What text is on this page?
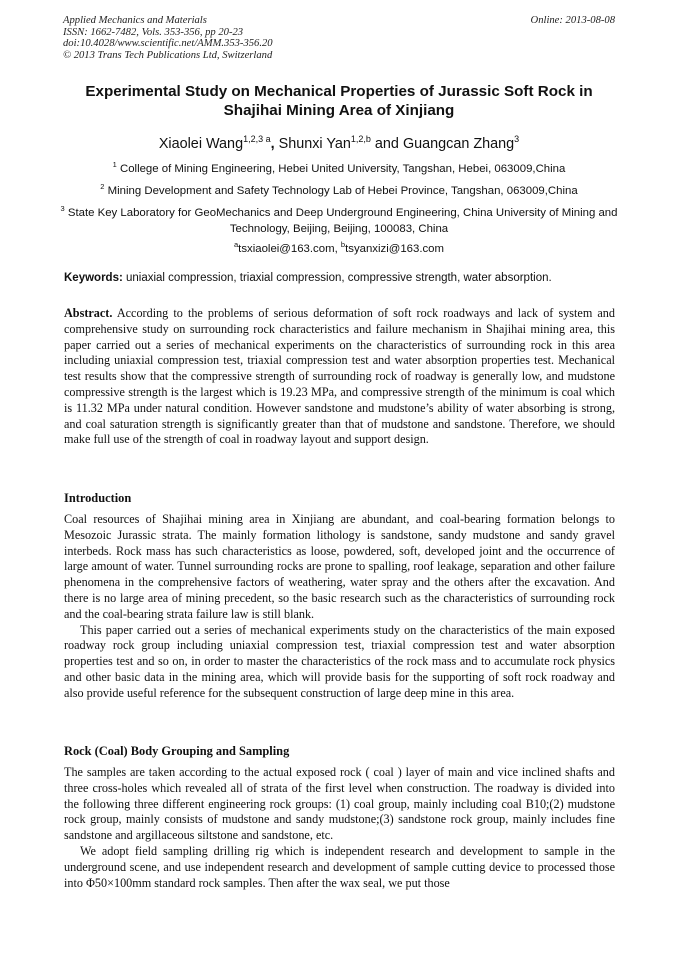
Applied Mechanics and Materials
ISSN: 1662-7482, Vols. 353-356, pp 20-23
doi:10.4028/www.scientific.net/AMM.353-356.20
© 2013 Trans Tech Publications Ltd, Switzerland
Online: 2013-08-08
Experimental Study on Mechanical Properties of Jurassic Soft Rock in
Shajihai Mining Area of Xinjiang
Xiaolei Wang$^{1,2,3 a}$, Shunxi Yan$^{1,2,b}$ and Guangcan Zhang$^3$
$^1$ College of Mining Engineering, Hebei United University, Tangshan, Hebei, 063009,China
$^2$ Mining Development and Safety Technology Lab of Hebei Province, Tangshan, 063009,China
$^3$ State Key Laboratory for GeoMechanics and Deep Underground Engineering, China University of Mining and Technology, Beijing, Beijing, 100083, China
$^a$tsxiaolei@163.com, $^b$tsyanxizi@163.com
Keywords: uniaxial compression, triaxial compression, compressive strength, water absorption.
Abstract. According to the problems of serious deformation of soft rock roadways and lack of system and comprehensive study on surrounding rock characteristics and failure mechanism in Shajihai mining area, this paper carried out a series of mechanical experiments on the characteristics of surrounding rock in this area including uniaxial compression test, triaxial compression test and water absorption properties test. Mechanical test results show that the compressive strength of surrounding rock of roadway is generally low, and mudstone compressive strength is the largest which is 19.23 MPa, and compressive strength of the minimum is coal which is 11.32 MPa under natural condition. However sandstone and mudstone’s ability of water absorbing is strong, and coal saturation strength is significantly greater than that of mudstone and sandstone. Therefore, we should make full use of the strength of coal in roadway layout and support design.
Introduction

Coal resources of Shajihai mining area in Xinjiang are abundant, and coal-bearing formation belongs to Mesozoic Jurassic strata. The mainly formation lithology is sandstone, sandy mudstone and sandy gravel interbeds. Rock mass has such characteristics as loose, powdered, soft, developed joint and the occurrence of large amount of water. Tunnel surrounding rocks are prone to spalling, roof leakage, separation and other failure phenomena in the comprehensive factors of weathering, water spray and the others after the excavation. And there is no large area of mining precedent, so the basic research such as the characteristics of surrounding rock and the coal-bearing strata failure law is still blank.

This paper carried out a series of mechanical experiments study on the characteristics of the main exposed roadway rock group including uniaxial compression test, triaxial compression test and water absorption properties test and so on, in order to master the characteristics of the rock mass and to accumulate rock physics and other basic data in the mining area, which will provide basis for the supporting of soft rock roadway and also provide useful reference for the subsequent construction of large deep mine in this area.

Rock (Coal) Body Grouping and Sampling

The samples are taken according to the actual exposed rock ( coal ) layer of main and vice inclined shafts and three cross-holes which revealed all of strata of the first level when construction. The roadway is divided into the following three different engineering rock groups: (1) coal group, mainly including coal B10;(2) mudstone rock group, mainly consists of mudstone and sandy mudstone;(3) sandstone rock group, mainly includes fine sandstone and argillaceous siltstone and sandstone, etc.

We adopt field sampling drilling rig which is independent research and development to sample in the underground scene, and use independent research and development of sample cutting device to processed those into Φ50×100mm standard rock samples. Then after the wax seal, we put those
